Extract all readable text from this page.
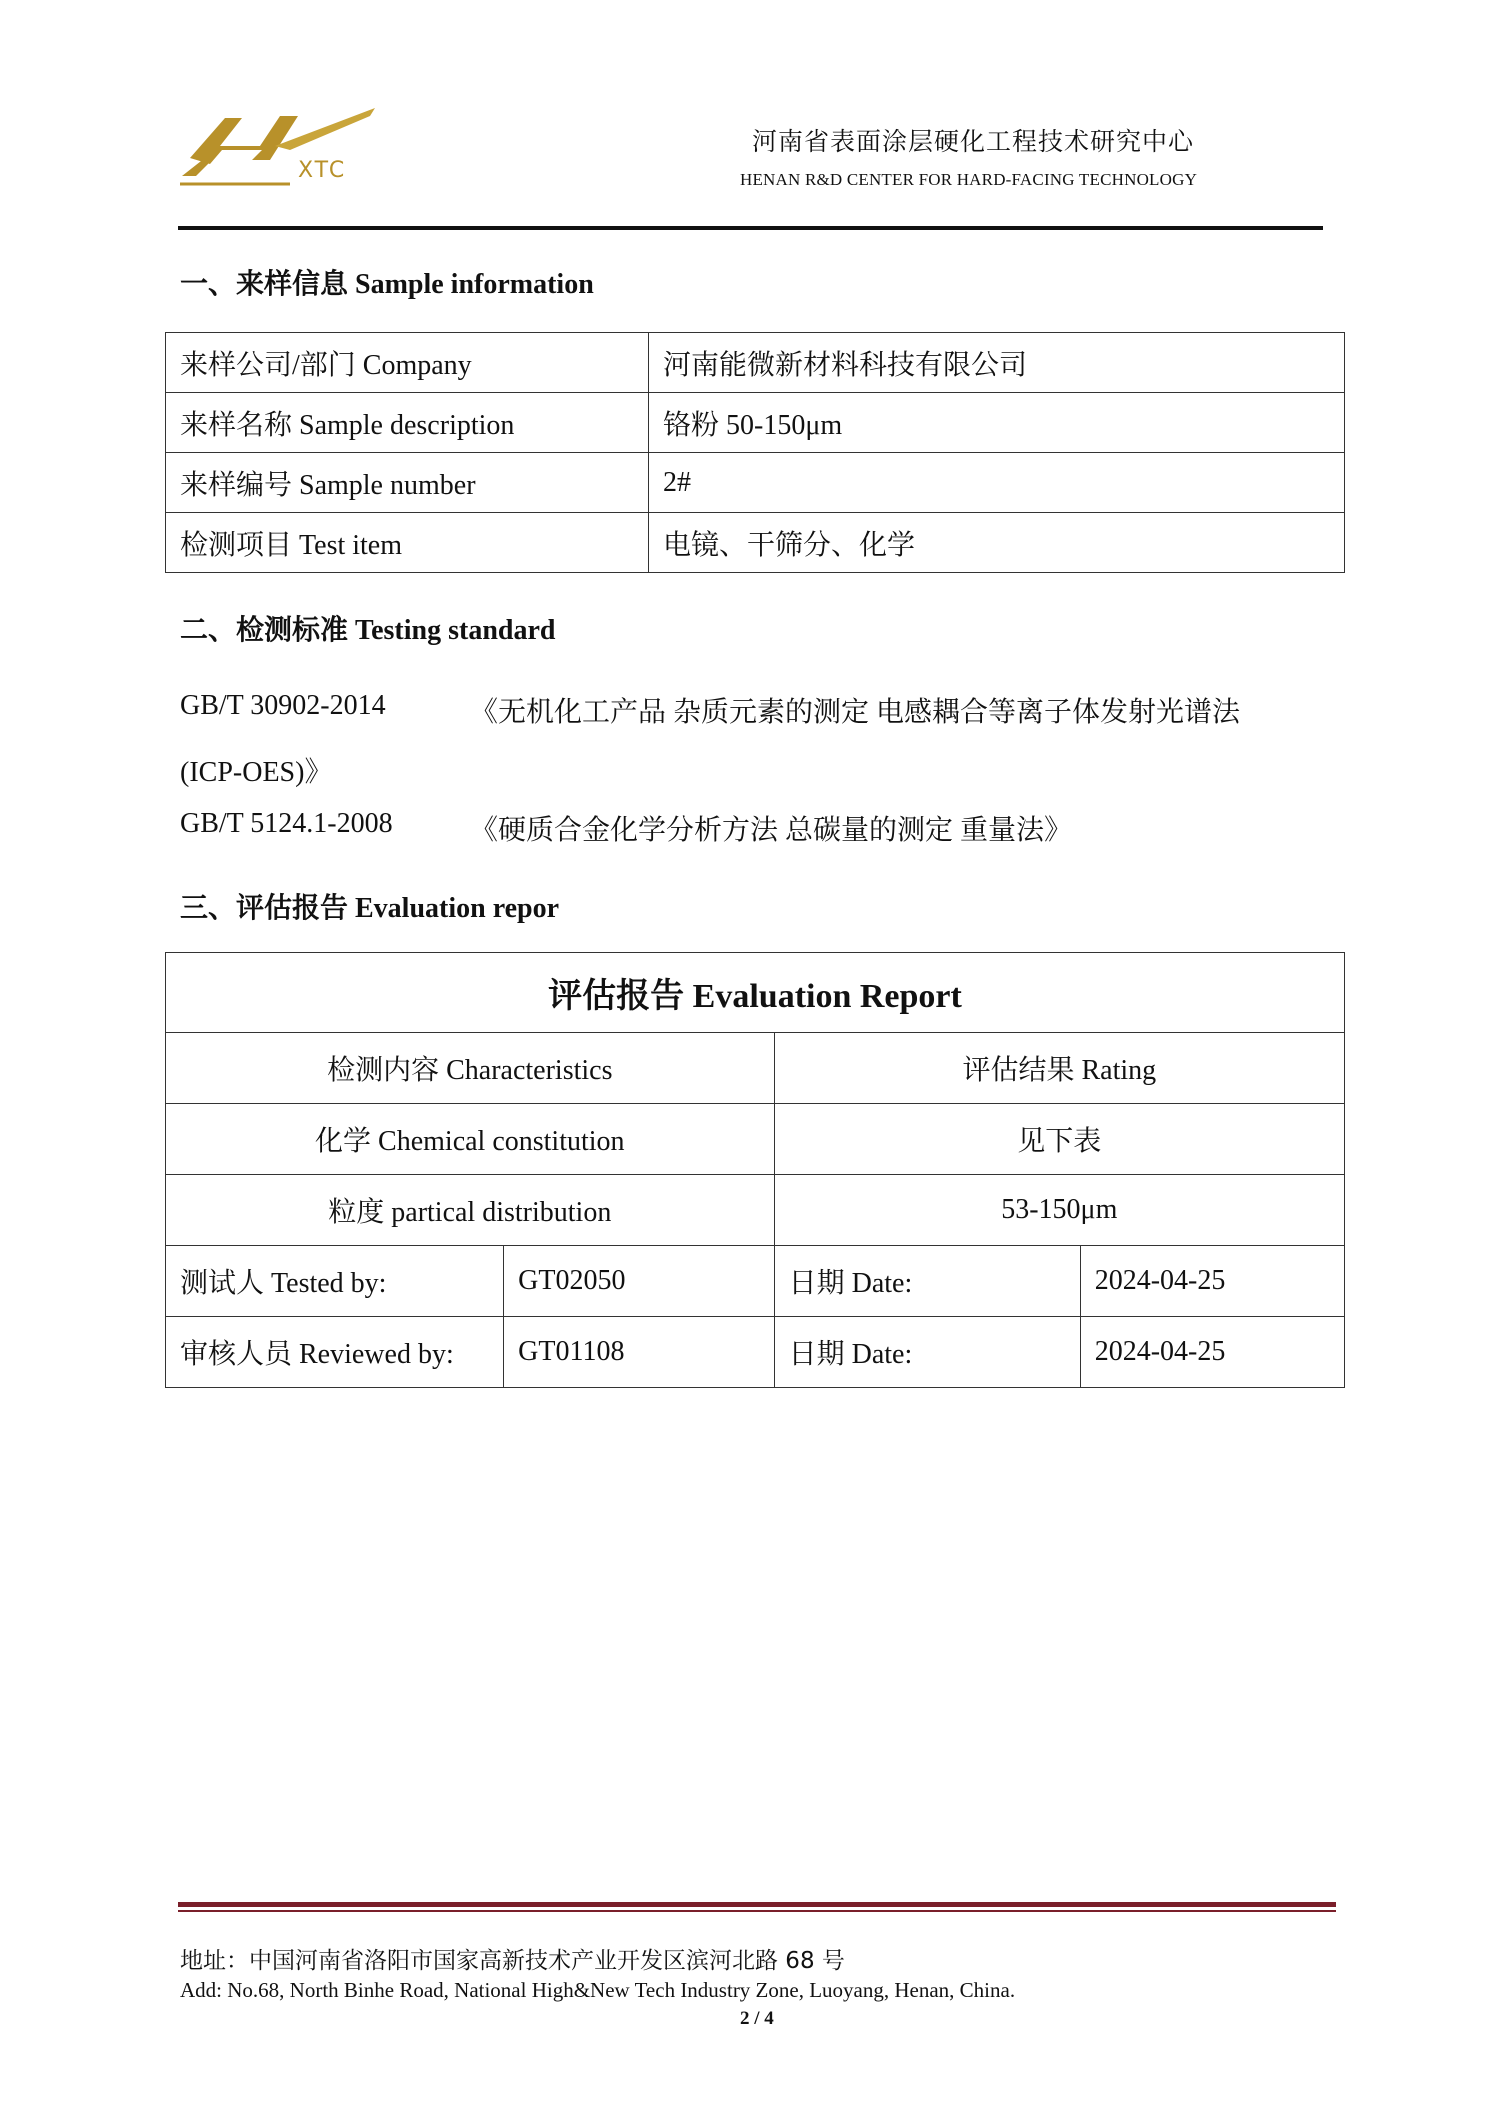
XTC
河南省表面涂层硬化工程技术研究中心
HENAN R&D CENTER FOR HARD-FACING TECHNOLOGY
一、来样信息 Sample information
来样公司/部门 Company	河南能微新材料科技有限公司
来样名称 Sample description	铬粉 50-150μm
来样编号 Sample number	2#
检测项目 Test item	电镜、干筛分、化学
二、检测标准 Testing standard
GB/T 30902-2014	《无机化工产品 杂质元素的测定 电感耦合等离子体发射光谱法
(ICP-OES)》
GB/T 5124.1-2008	《硬质合金化学分析方法 总碳量的测定 重量法》
三、评估报告 Evaluation repor
评估报告 Evaluation Report			
检测内容 Characteristics		评估结果 Rating	
化学 Chemical constitution		见下表	
粒度 partical distribution		53-150μm	
测试人 Tested by:	GT02050	日期 Date:	2024-04-25
审核人员 Reviewed by:	GT01108	日期 Date:	2024-04-25
地址：中国河南省洛阳市国家高新技术产业开发区滨河北路 68 号
Add: No.68, North Binhe Road, National High&New Tech Industry Zone, Luoyang, Henan, China.
2 / 4
